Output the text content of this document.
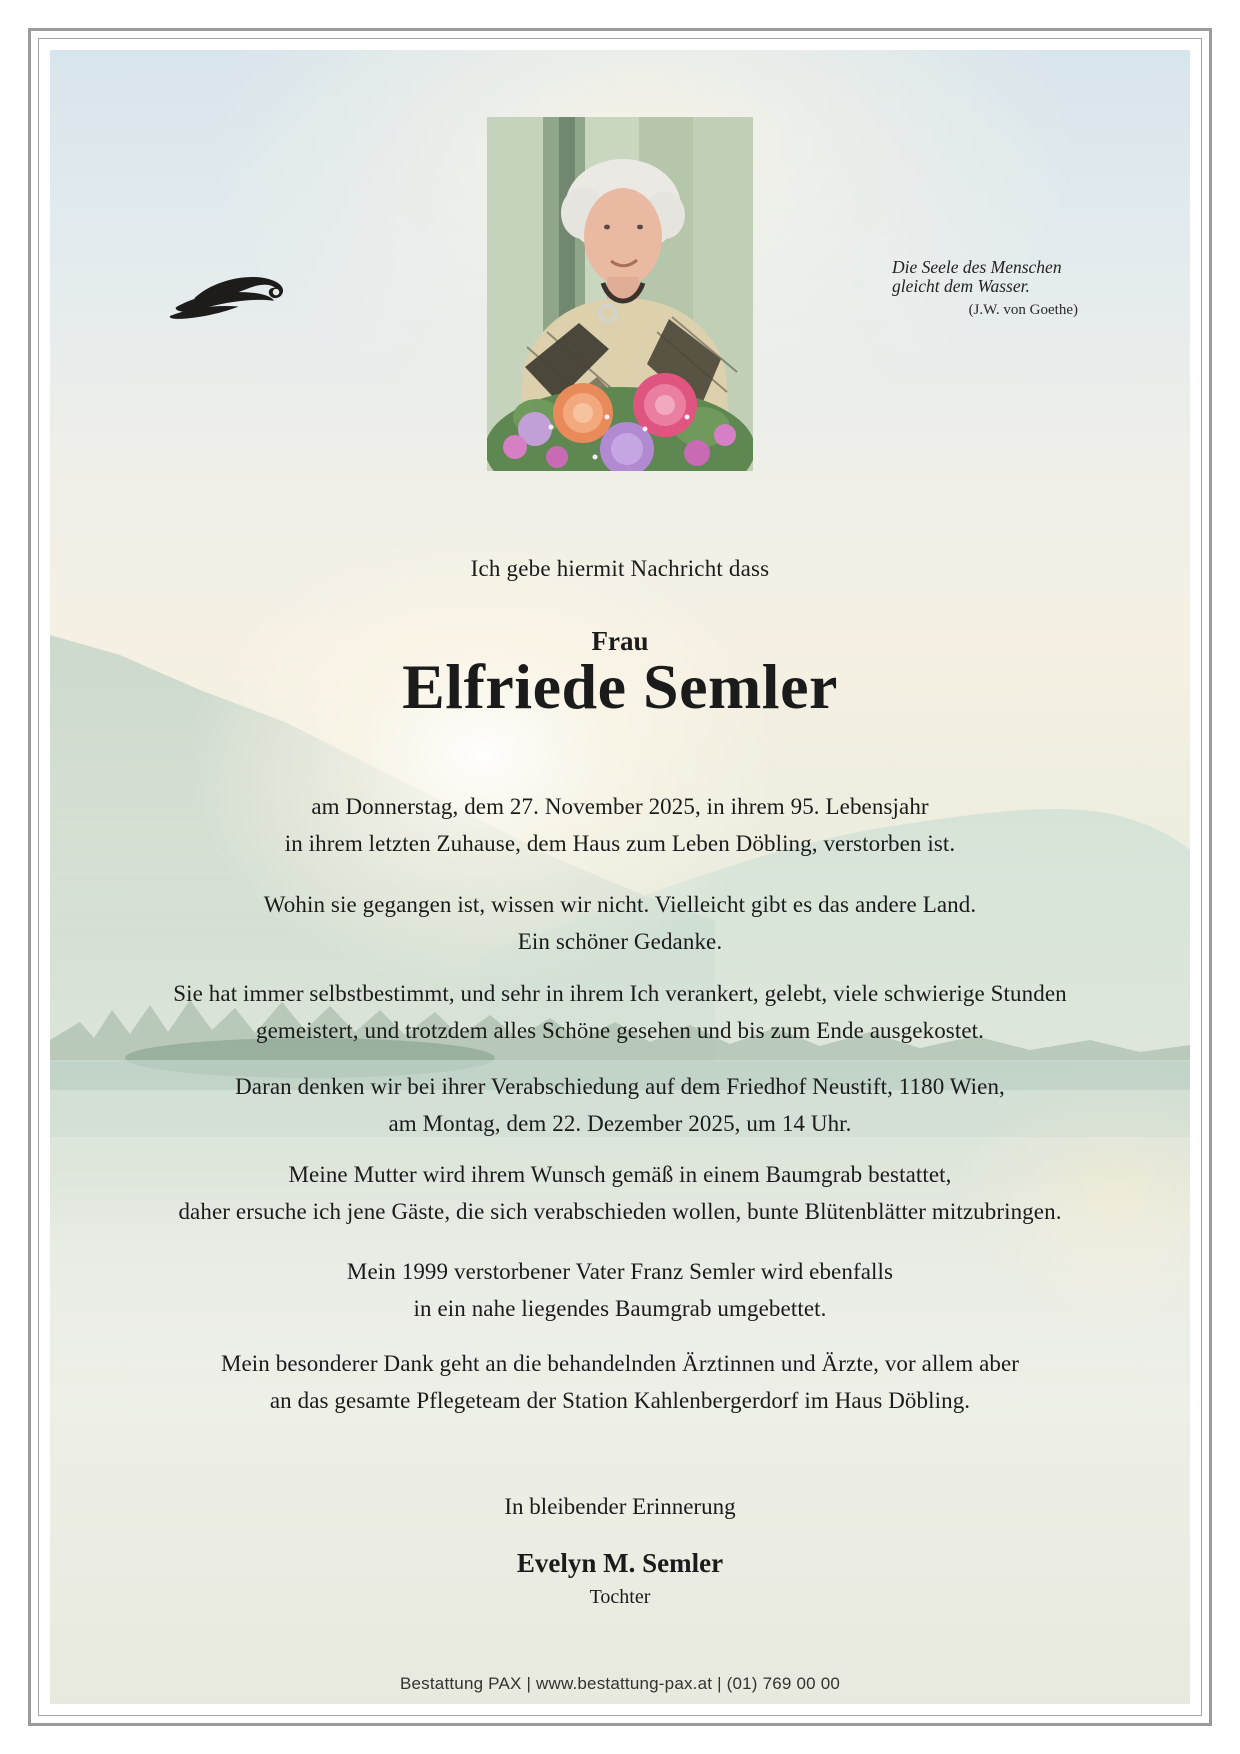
Die Seele des Menschen
gleicht dem Wasser.
(J.W. von Goethe)
Ich gebe hiermit Nachricht dass
Frau
Elfriede Semler
am Donnerstag, dem 27. November 2025, in ihrem 95. Lebensjahr
in ihrem letzten Zuhause, dem Haus zum Leben Döbling, verstorben ist.
Wohin sie gegangen ist, wissen wir nicht. Vielleicht gibt es das andere Land.
Ein schöner Gedanke.
Sie hat immer selbstbestimmt, und sehr in ihrem Ich verankert, gelebt, viele schwierige Stunden
gemeistert, und trotzdem alles Schöne gesehen und bis zum Ende ausgekostet.
Daran denken wir bei ihrer Verabschiedung auf dem Friedhof Neustift, 1180 Wien,
am Montag, dem 22. Dezember 2025, um 14 Uhr.
Meine Mutter wird ihrem Wunsch gemäß in einem Baumgrab bestattet,
daher ersuche ich jene Gäste, die sich verabschieden wollen, bunte Blütenblätter mitzubringen.
Mein 1999 verstorbener Vater Franz Semler wird ebenfalls
in ein nahe liegendes Baumgrab umgebettet.
Mein besonderer Dank geht an die behandelnden Ärztinnen und Ärzte, vor allem aber
an das gesamte Pflegeteam der Station Kahlenbergerdorf im Haus Döbling.
In bleibender Erinnerung
Evelyn M. Semler
Tochter
Bestattung PAX | www.bestattung-pax.at | (01) 769 00 00
